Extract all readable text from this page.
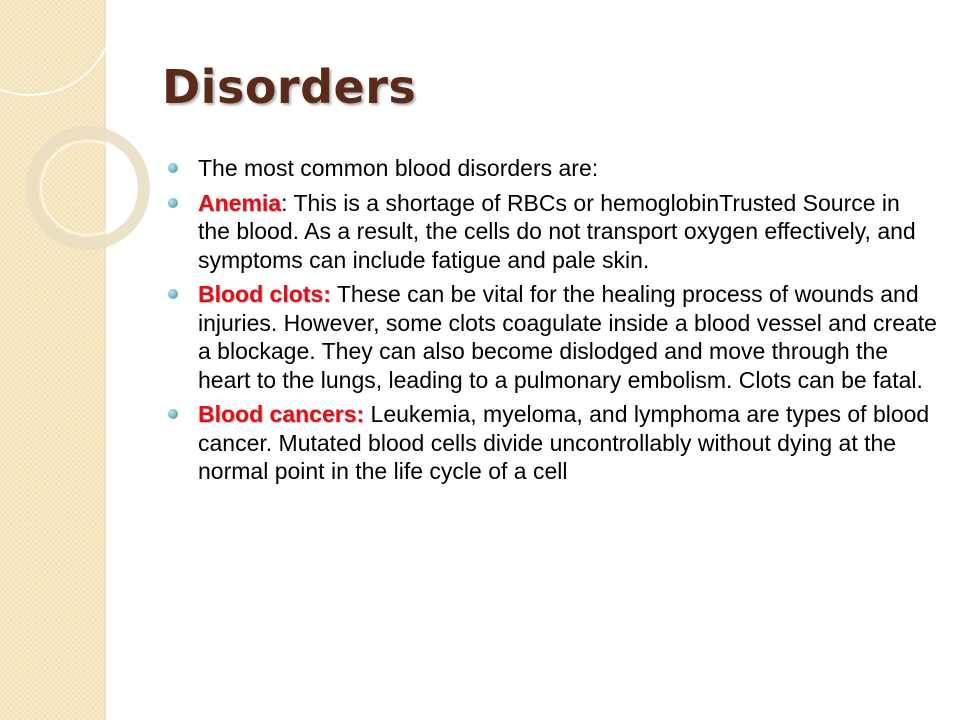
Disorders
The most common blood disorders are:
Anemia: This is a shortage of RBCs or hemoglobinTrusted Source in the blood. As a result, the cells do not transport oxygen effectively, and symptoms can include fatigue and pale skin.
Blood clots: These can be vital for the healing process of wounds and injuries. However, some clots coagulate inside a blood vessel and create a blockage. They can also become dislodged and move through the heart to the lungs, leading to a pulmonary embolism. Clots can be fatal.
Blood cancers: Leukemia, myeloma, and lymphoma are types of blood cancer. Mutated blood cells divide uncontrollably without dying at the normal point in the life cycle of a cell
